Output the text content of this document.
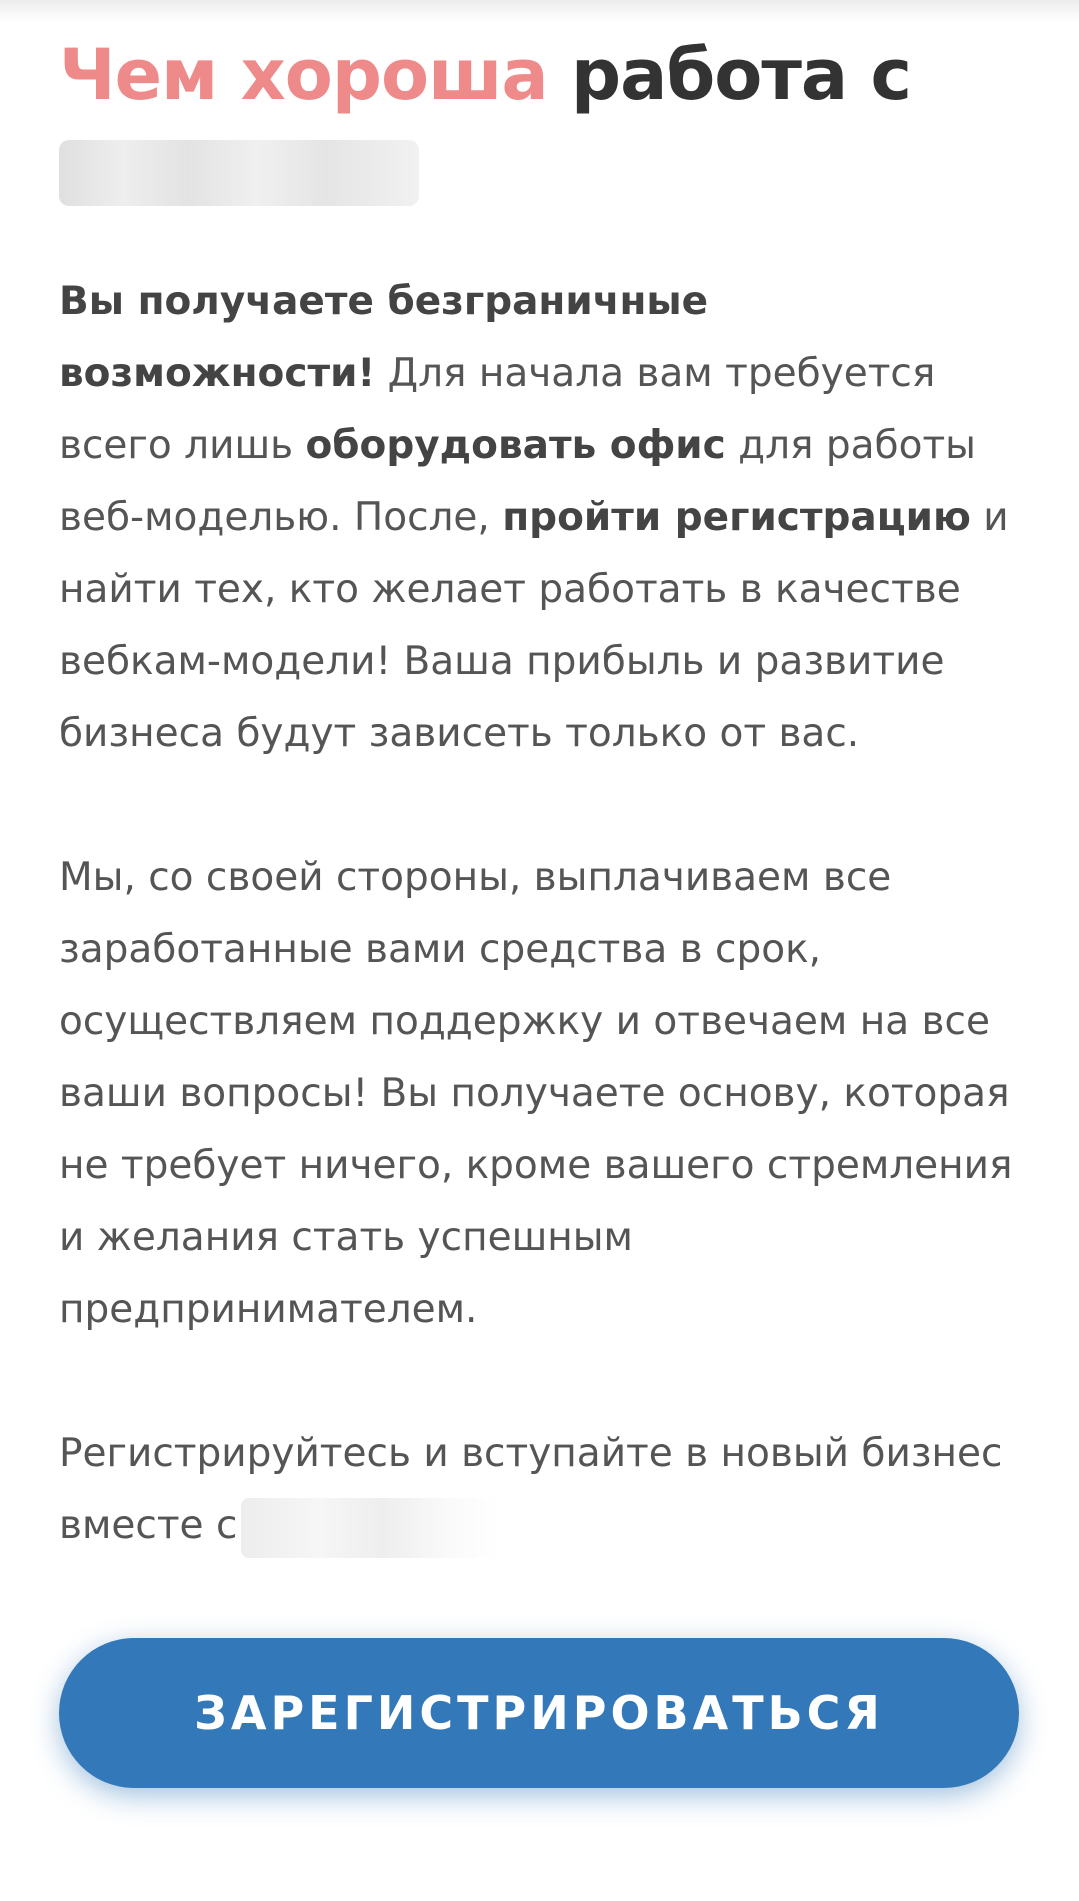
Чем хороша работа с

Вы получаете безграничные возможности! Для начала вам требуется всего лишь оборудовать офис для работы веб-моделью. После, пройти регистрацию и найти тех, кто желает работать в качестве вебкам-модели! Ваша прибыль и развитие бизнеса будут зависеть только от вас.

Мы, со своей стороны, выплачиваем все заработанные вами средства в срок, осуществляем поддержку и отвечаем на все ваши вопросы! Вы получаете основу, которая не требует ничего, кроме вашего стремления и желания стать успешным предпринимателем.

Регистрируйтесь и вступайте в новый бизнес вместе с

ЗАРЕГИСТРИРОВАТЬСЯ
